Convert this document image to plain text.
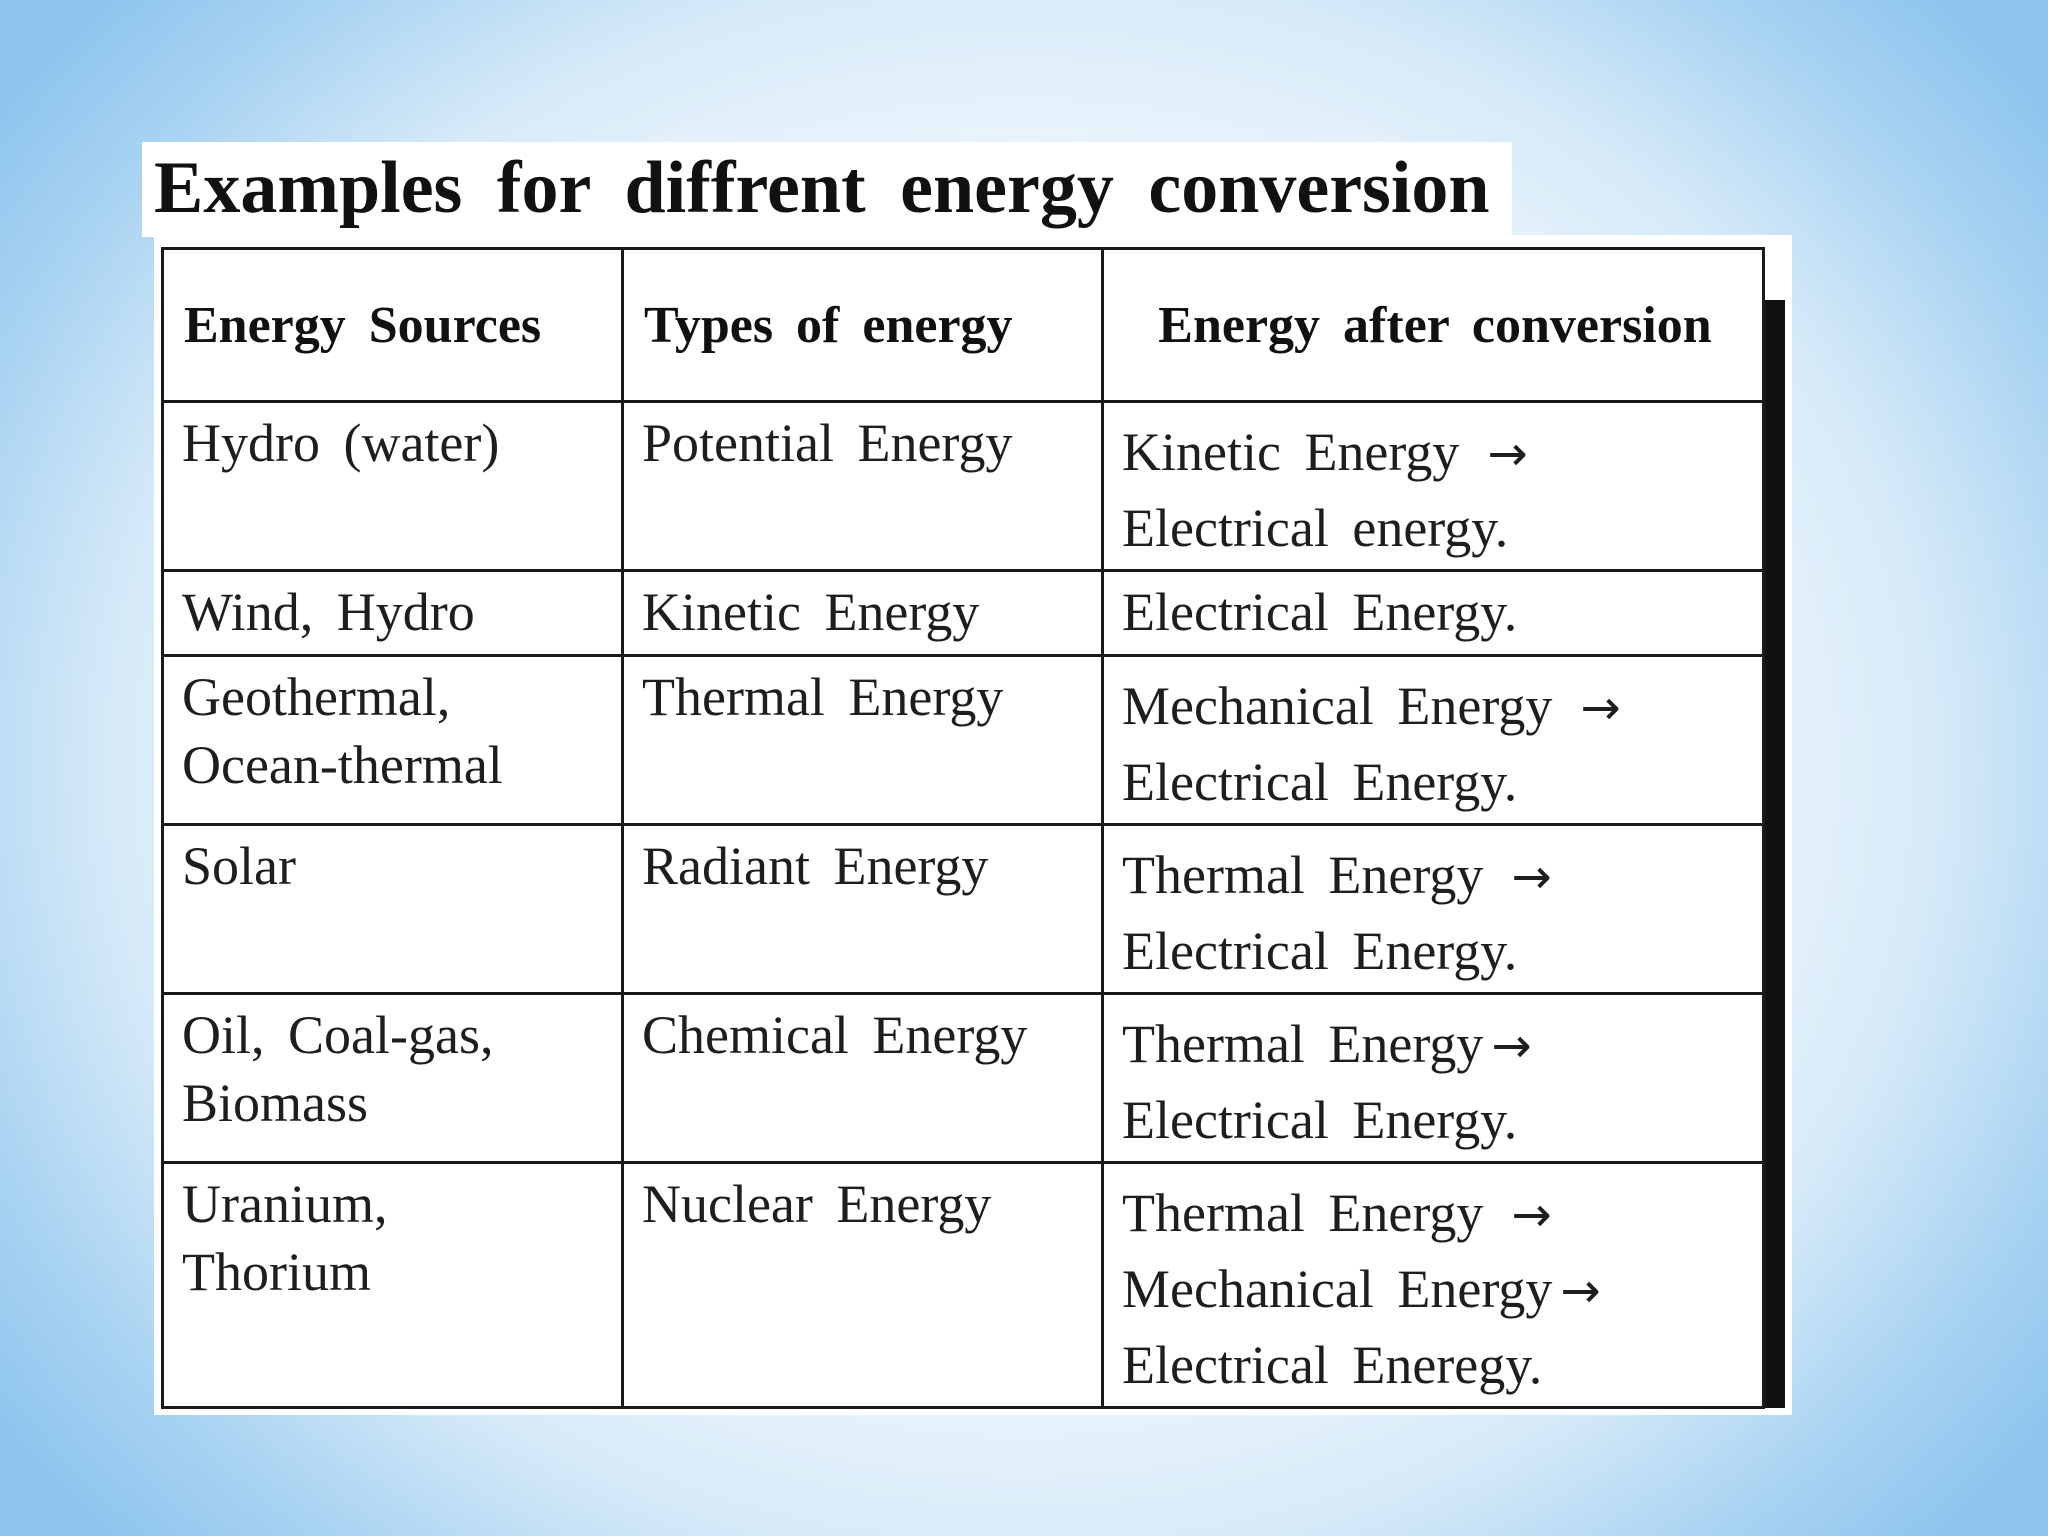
Examples for diffrent energy conversion
Energy Sources	Types of energy	Energy after conversion
Hydro (water)	Potential Energy	Kinetic Energy →
Electrical energy.

Wind, Hydro	Kinetic Energy	Electrical Energy.

Geothermal,
Ocean-thermal	Thermal Energy	Mechanical Energy →
Electrical Energy.

Solar	Radiant Energy	Thermal Energy →
Electrical Energy.

Oil, Coal-gas,
Biomass	Chemical Energy	Thermal Energy →
Electrical Energy.

Uranium,
Thorium	Nuclear Energy	Thermal Energy →
Mechanical Energy →
Electrical Eneregy.
